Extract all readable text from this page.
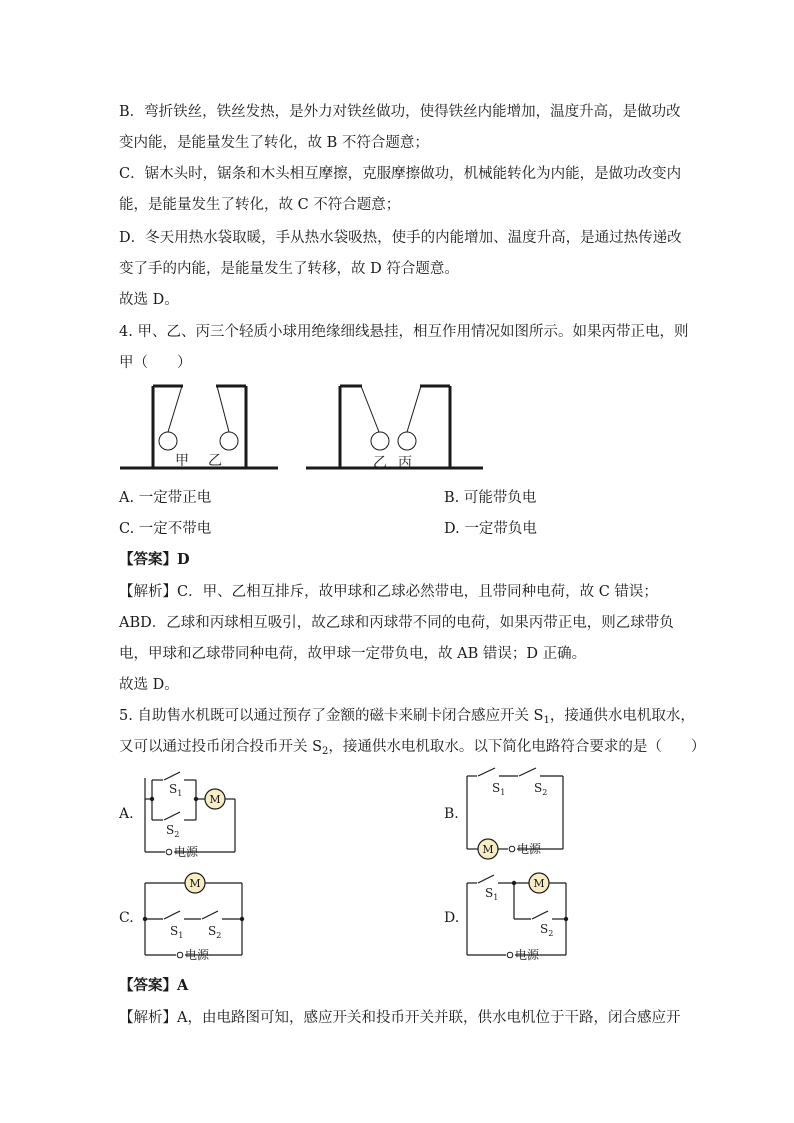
B．弯折铁丝，铁丝发热，是外力对铁丝做功，使得铁丝内能增加，温度升高，是做功改
变内能，是能量发生了转化，故 B 不符合题意；
C．锯木头时，锯条和木头相互摩擦，克服摩擦做功，机械能转化为内能，是做功改变内
能，是能量发生了转化，故 C 不符合题意；
D．冬天用热水袋取暖，手从热水袋吸热，使手的内能增加、温度升高，是通过热传递改
变了手的内能，是能量发生了转移，故 D 符合题意。
故选 D。
4. 甲、乙、丙三个轻质小球用绝缘细线悬挂，相互作用情况如图所示。如果丙带正电，则
甲（　　）
甲 乙	乙 丙
A. 一定带正电	B. 可能带负电
C. 一定不带电	D. 一定带负电
【答案】D
【解析】C．甲、乙相互排斥，故甲球和乙球必然带电，且带同种电荷，故 C 错误；
ABD．乙球和丙球相互吸引，故乙球和丙球带不同的电荷，如果丙带正电，则乙球带负
电，甲球和乙球带同种电荷，故甲球一定带负电，故 AB 错误；D 正确。
故选 D。
5. 自助售水机既可以通过预存了金额的磁卡来刷卡闭合感应开关 $S_1$，接通供水电机取水，
又可以通过投币闭合投币开关 $S_2$，接通供水电机取水。以下简化电路符合要求的是（　　）
M
M
M	M
电源	电源
电源	电源
$S_1$
$S_2$
$S_1$ $S_2$
$S_1$ $S_2$
$S_1$
$S_2$
A.	B.
C.	D.
【答案】A
【解析】A，由电路图可知，感应开关和投币开关并联，供水电机位于干路，闭合感应开
